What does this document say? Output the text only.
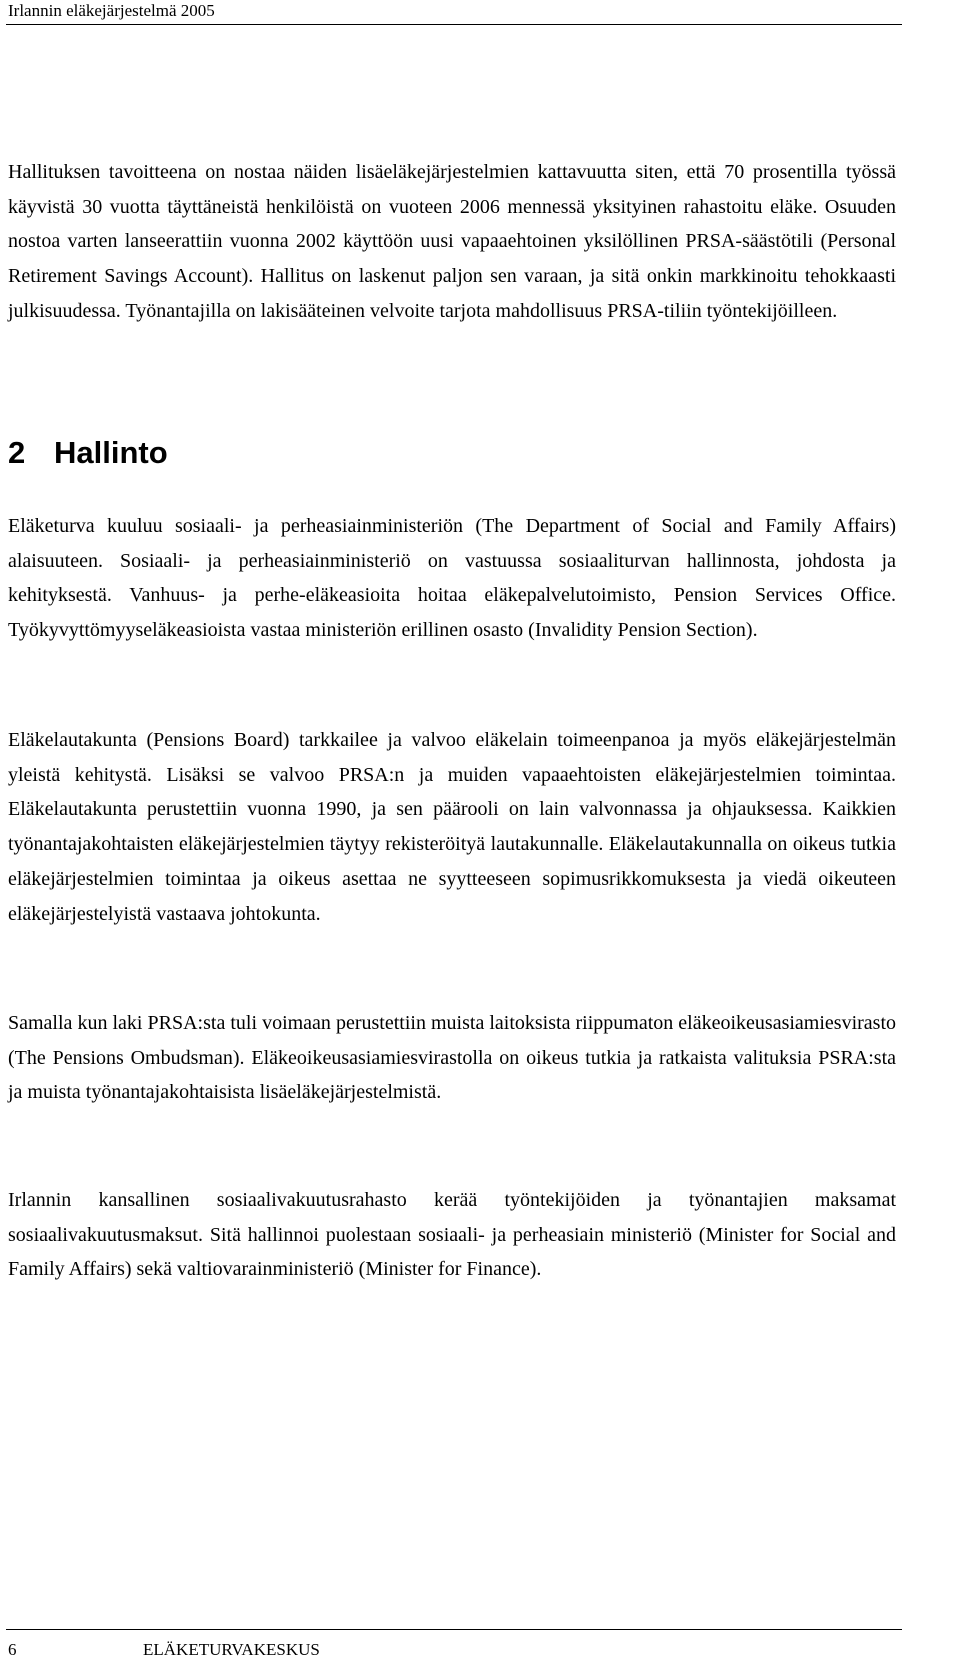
Irlannin eläkejärjestelmä 2005

Hallituksen tavoitteena on nostaa näiden lisäeläkejärjestelmien kattavuutta siten, että 70 prosentilla työssä käyvistä 30 vuotta täyttäneistä henkilöistä on vuoteen 2006 mennessä yksityinen rahastoitu eläke. Osuuden nostoa varten lanseerattiin vuonna 2002 käyttöön uusi vapaaehtoinen yksilöllinen PRSA-säästötili (Personal Retirement Savings Account). Hallitus on laskenut paljon sen varaan, ja sitä onkin markkinoitu tehokkaasti julkisuudessa. Työnantajilla on lakisääteinen velvoite tarjota mahdollisuus PRSA-tiliin työntekijöilleen.

2 Hallinto

Eläketurva kuuluu sosiaali- ja perheasiainministeriön (The Department of Social and Family Affairs) alaisuuteen. Sosiaali- ja perheasiainministeriö on vastuussa sosiaaliturvan hallinnosta, johdosta ja kehityksestä. Vanhuus- ja perhe-eläkeasioita hoitaa eläkepalvelutoimisto, Pension Services Office. Työkyvyttömyyseläkeasioista vastaa ministeriön erillinen osasto (Invalidity Pension Section).

Eläkelautakunta (Pensions Board) tarkkailee ja valvoo eläkelain toimeenpanoa ja myös eläkejärjestelmän yleistä kehitystä. Lisäksi se valvoo PRSA:n ja muiden vapaaehtoisten eläkejärjestelmien toimintaa. Eläkelautakunta perustettiin vuonna 1990, ja sen päärooli on lain valvonnassa ja ohjauksessa. Kaikkien työnantajakohtaisten eläkejärjestelmien täytyy rekisteröityä lautakunnalle. Eläkelautakunnalla on oikeus tutkia eläkejärjestelmien toimintaa ja oikeus asettaa ne syytteeseen sopimusrikkomuksesta ja viedä oikeuteen eläkejärjestelyistä vastaava johtokunta.

Samalla kun laki PRSA:sta tuli voimaan perustettiin muista laitoksista riippumaton eläkeoikeusasiamiesvirasto (The Pensions Ombudsman). Eläkeoikeusasiamiesvirastolla on oikeus tutkia ja ratkaista valituksia PSRA:sta ja muista työnantajakohtaisista lisäeläkejärjestelmistä.

Irlannin kansallinen sosiaalivakuutusrahasto kerää työntekijöiden ja työnantajien maksamat sosiaalivakuutusmaksut. Sitä hallinnoi puolestaan sosiaali- ja perheasiain ministeriö (Minister for Social and Family Affairs) sekä valtiovarainministeriö (Minister for Finance).

6	ELÄKETURVAKESKUS
